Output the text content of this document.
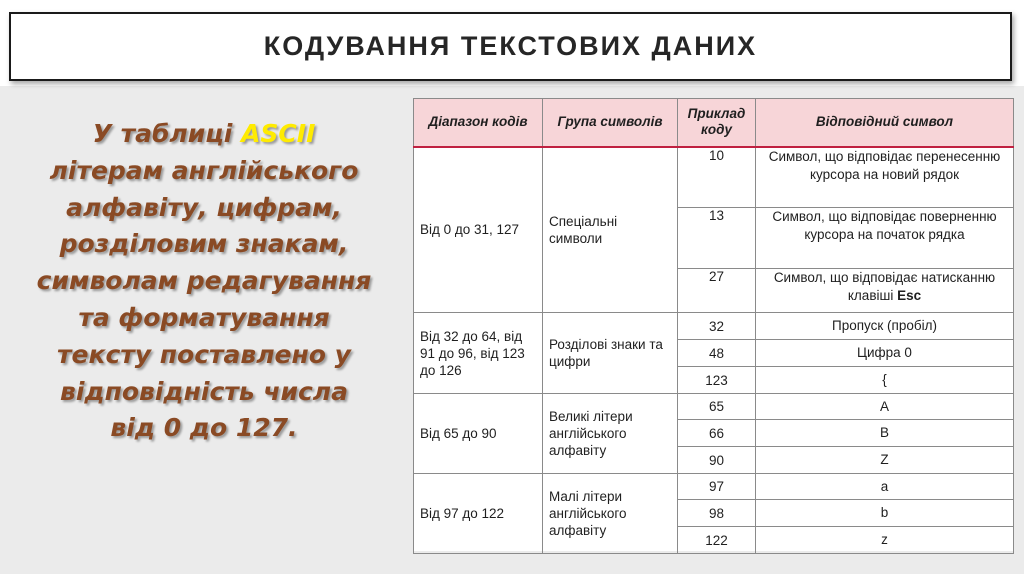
КОДУВАННЯ ТЕКСТОВИХ ДАНИХ
У таблиці ASCII
літерам англійського
алфавіту, цифрам,
розділовим знакам,
символам редагування
та форматування
тексту поставлено у
відповідність числа
від 0 до 127.
Діапазон кодів	Група символів	Приклад коду	Відповідний символ
Від 0 до 31, 127	Спеціальні символи	10	Символ, що відповідає перенесенню курсора на новий рядок
		13	Символ, що відповідає поверненню курсора на початок рядка
		27	Символ, що відповідає натисканню клавіші Esc
Від 32 до 64, від 91 до 96, від 123 до 126	Розділові знаки та цифри	32	Пропуск (пробіл)
		48	Цифра 0
		123	{
Від 65 до 90	Великі літери англійського алфавіту	65	A
		66	B
		90	Z
Від 97 до 122	Малі літери англійського алфавіту	97	a
		98	b
		122	z
